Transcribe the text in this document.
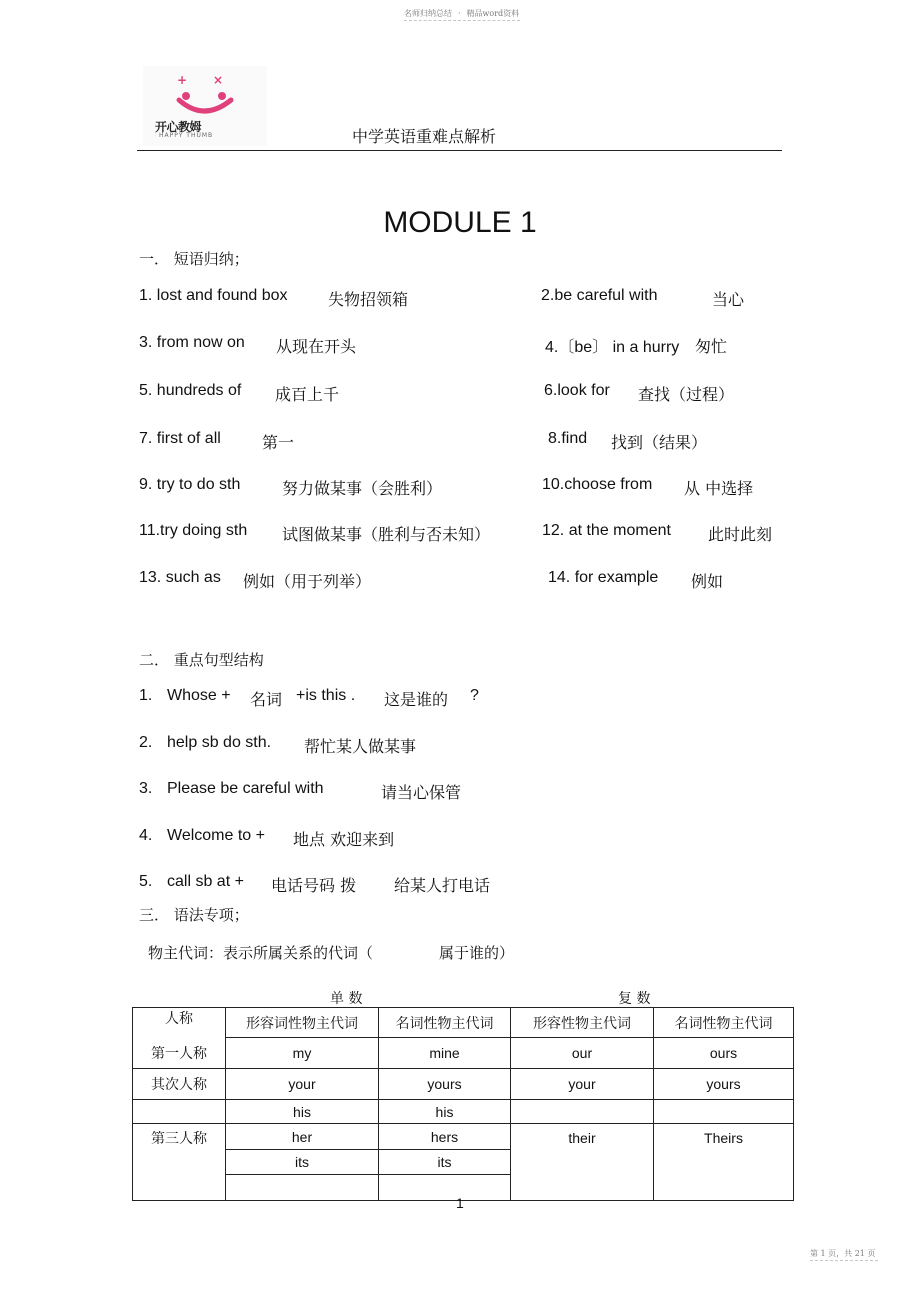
名师归纳总结 · 精品word资料
+ ×
开心教姆
HAPPY THUMB	中学英语重难点解析
MODULE 1
一． 短语归纳；
1. lost and found box	失物招领箱	2.be careful with	当心
3. from now on 从现在开头	4.〔be〕 in a hurry 匆忙
5. hundreds of 成百上千	6.look for 查找（过程）
7. first of all	第一	8.find 找到（结果）
9. try to do sth	努力做某事（会胜利）	10.choose from 从 中选择
11.try doing sth 试图做某事（胜利与否未知）	12. at the moment 此时此刻
13. such as 例如（用于列举）	14. for example 例如
二． 重点句型结构
1. Whose + 名词 +is this . 这是谁的 ?
2. help sb do sth. 帮忙某人做某事
3. Please be careful with	请当心保管
4. Welcome to + 地点 欢迎来到
5. call sb at + 电话号码 拨 给某人打电话
三． 语法专项；
物主代词：表示所属关系的代词（	属于谁的）
单 数	复 数
人称	形容词性物主代词	名词性物主代词	形容性物主代词	名词性物主代词
第一人称	my	mine	our	ours
其次人称	your	yours	your	yours
	his	his		
第三人称	her	hers	their	Theirs
	its	its		

1
第 1 页，共 21 页
